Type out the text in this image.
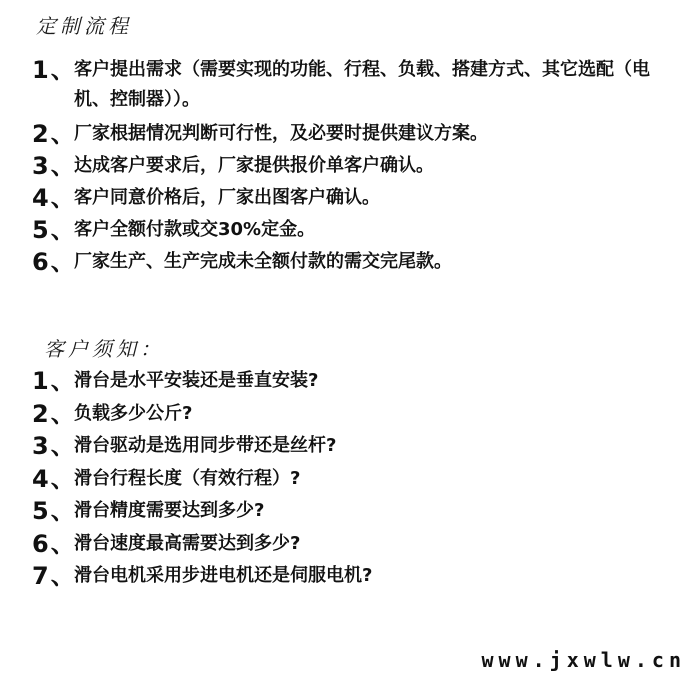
定制流程
1、
客户提出需求（需要实现的功能、行程、负载、搭建方式、其它选配（电机、控制器））。
2、
厂家根据情况判断可行性，及必要时提供建议方案。
3、
达成客户要求后，厂家提供报价单客户确认。
4、
客户同意价格后，厂家出图客户确认。
5、
客户全额付款或交30%定金。
6、
厂家生产、生产完成未全额付款的需交完尾款。
客户须知：
1、
滑台是水平安装还是垂直安装?
2、
负载多少公斤?
3、
滑台驱动是选用同步带还是丝杆?
4、
滑台行程长度（有效行程）?
5、
滑台精度需要达到多少?
6、
滑台速度最高需要达到多少?
7、
滑台电机采用步进电机还是伺服电机?
www.jxwlw.cn
